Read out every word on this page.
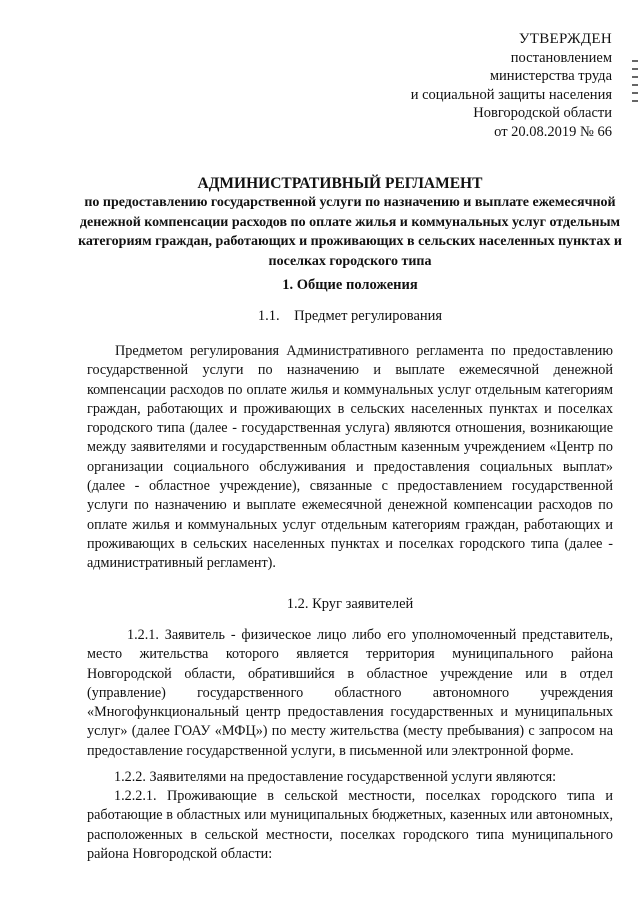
УТВЕРЖДЕН
постановлением
министерства труда
и социальной защиты населения
Новгородской области
от 20.08.2019 № 66
АДМИНИСТРАТИВНЫЙ РЕГЛАМЕНТ
по предоставлению государственной услуги по назначению и выплате ежемесячной денежной компенсации расходов по оплате жилья и коммунальных услуг отдельным категориям граждан, работающих и проживающих в сельских населенных пунктах и поселках городского типа
1. Общие положения
1.1.    Предмет регулирования
Предметом регулирования Административного регламента по предоставлению государственной услуги по назначению и выплате ежемесячной денежной компенсации расходов по оплате жилья и коммунальных услуг отдельным категориям граждан, работающих и проживающих в сельских населенных пунктах и поселках городского типа (далее - государственная услуга) являются отношения, возникающие между заявителями и государственным областным казенным учреждением «Центр по организации социального обслуживания и предоставления социальных выплат» (далее - областное учреждение), связанные с предоставлением государственной услуги по назначению и выплате ежемесячной денежной компенсации расходов по оплате жилья и коммунальных услуг отдельным категориям граждан, работающих и проживающих в сельских населенных пунктах и поселках городского типа (далее - административный регламент).
1.2. Круг заявителей
1.2.1. Заявитель - физическое лицо либо его уполномоченный представитель, место жительства которого является территория муниципального района Новгородской области, обратившийся в областное учреждение или в отдел (управление) государственного областного автономного учреждения «Многофункциональный центр предоставления государственных и муниципальных услуг» (далее ГОАУ «МФЦ») по месту жительства (месту пребывания) с запросом на предоставление государственной услуги, в письменной или электронной форме.
1.2.2. Заявителями на предоставление государственной услуги являются:
1.2.2.1. Проживающие в сельской местности, поселках городского типа и работающие в областных или муниципальных бюджетных, казенных или автономных, расположенных в сельской местности, поселках городского типа муниципального района Новгородской области:
